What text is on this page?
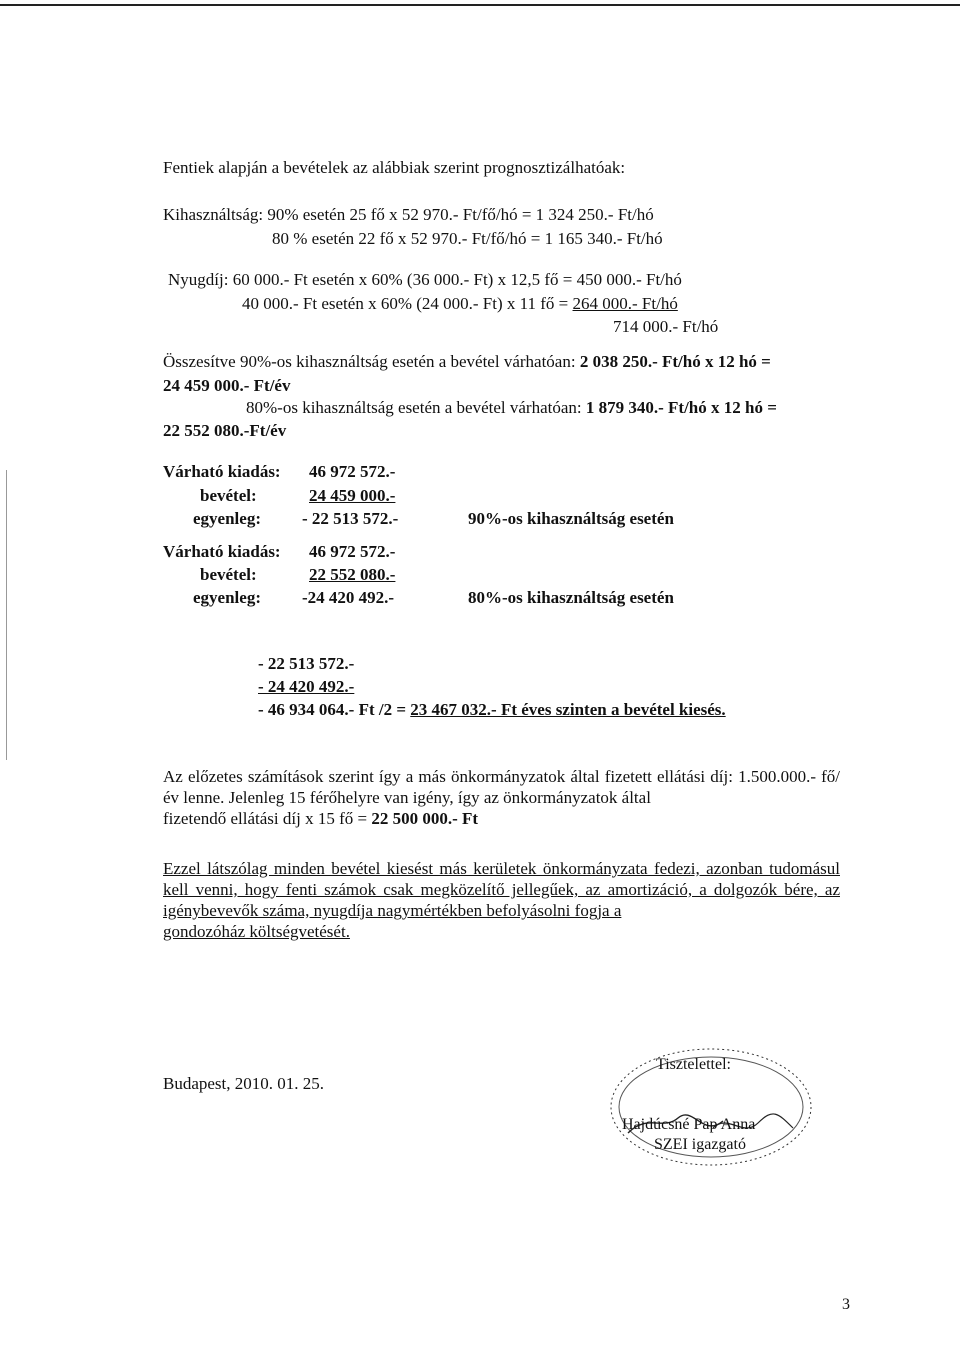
Fentiek alapján a bevételek az alábbiak szerint prognosztizálhatóak:
Kihasználtság: 90% esetén 25 fő x 52 970.- Ft/fő/hó = 1 324 250.- Ft/hó
80 % esetén 22 fő x 52 970.- Ft/fő/hó = 1 165 340.- Ft/hó
Nyugdíj: 60 000.- Ft esetén x 60% (36 000.- Ft) x 12,5 fő = 450 000.- Ft/hó
40 000.- Ft esetén x 60% (24 000.- Ft) x 11 fő = 264 000.- Ft/hó
714 000.- Ft/hó
Összesítve 90%-os kihasználtság esetén a bevétel várhatóan: 2 038 250.- Ft/hó x 12 hó =
24 459 000.- Ft/év
80%-os kihasználtság esetén a bevétel várhatóan: 1 879 340.- Ft/hó x 12 hó =
22 552 080.-Ft/év
Várható kiadás: 46 972 572.-
bevétel:	24 459 000.-
egyenleg: - 22 513 572.-	90%-os kihasználtság esetén
Várható kiadás: 46 972 572.-
bevétel:	22 552 080.-
egyenleg: -24 420 492.-	80%-os kihasználtság esetén
- 22 513 572.-
- 24 420 492.-
- 46 934 064.- Ft /2 = 23 467 032.- Ft éves szinten a bevétel kiesés.
Az előzetes számítások szerint így a más önkormányzatok által fizetett ellátási díj: 1.500.000.- fő/év lenne. Jelenleg 15 férőhelyre van igény, így az önkormányzatok által
fizetendő ellátási díj x 15 fő = 22 500 000.- Ft
Ezzel látszólag minden bevétel kiesést más kerületek önkormányzata fedezi, azonban tudomásul kell venni, hogy fenti számok csak megközelítő jellegűek, az amortizáció, a dolgozók bére, az igénybevevők száma, nyugdíja nagymértékben befolyásolni fogja a
gondozóház költségvetését.
Budapest, 2010. 01. 25.
Tisztelettel:
Hajdúcsné Pap Anna
SZEI igazgató
3
